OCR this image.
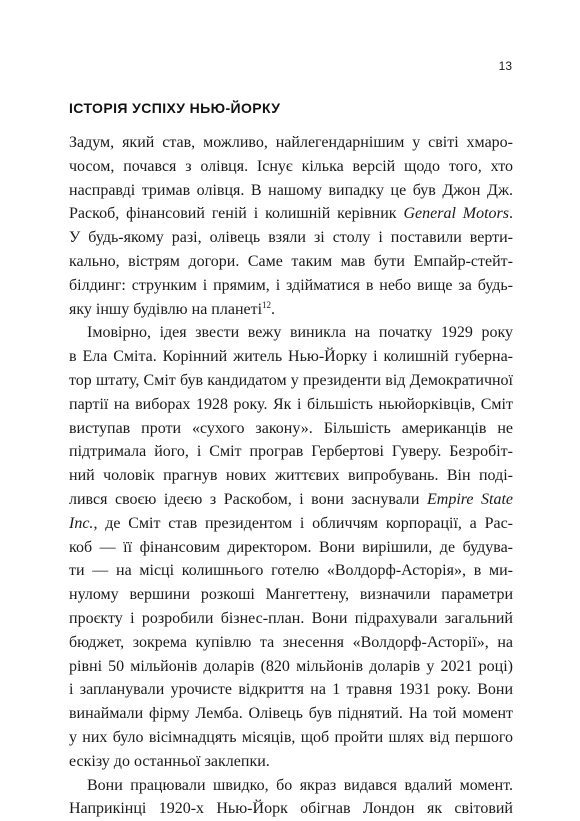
13
ІСТОРІЯ УСПІХУ НЬЮ-ЙОРКУ
Задум, який став, можливо, найлегендарнішим у світі хмаро-
чосом, почався з олівця. Існує кілька версій щодо того, хто
насправді тримав олівця. В нашому випадку це був Джон Дж.
Раскоб, фінансовий геній і колишній керівник General Motors.
У будь-якому разі, олівець взяли зі столу і поставили верти-
кально, вістрям догори. Саме таким мав бути Емпайр-стейт-
білдинг: струнким і прямим, і здійматися в небо вище за будь-
яку іншу будівлю на планеті$^{12}$.
Імовірно, ідея звести вежу виникла на початку 1929 року
в Ела Сміта. Корінний житель Нью-Йорку і колишній губерна-
тор штату, Сміт був кандидатом у президенти від Демократичної
партії на виборах 1928 року. Як і більшість ньюйорківців, Сміт
виступав проти «сухого закону». Більшість американців не
підтримала його, і Сміт програв Гербертові Гуверу. Безробіт-
ний чоловік прагнув нових життєвих випробувань. Він поді-
лився своєю ідеєю з Раскобом, і вони заснували Empire State
Inc., де Сміт став президентом і обличчям корпорації, а Рас-
коб — її фінансовим директором. Вони вирішили, де будува-
ти — на місці колишнього готелю «Волдорф-Асторія», в ми-
нулому вершини розкоші Мангеттену, визначили параметри
проєкту і розробили бізнес-план. Вони підрахували загальний
бюджет, зокрема купівлю та знесення «Волдорф-Асторії», на
рівні 50 мільйонів доларів (820 мільйонів доларів у 2021 році)
і запланували урочисте відкриття на 1 травня 1931 року. Вони
винаймали фірму Лемба. Олівець був піднятий. На той момент
у них було вісімнадцять місяців, щоб пройти шлях від першого
ескізу до останньої заклепки.
Вони працювали швидко, бо якраз видався вдалий момент.
Наприкінці 1920-х Нью-Йорк обігнав Лондон як світовий
